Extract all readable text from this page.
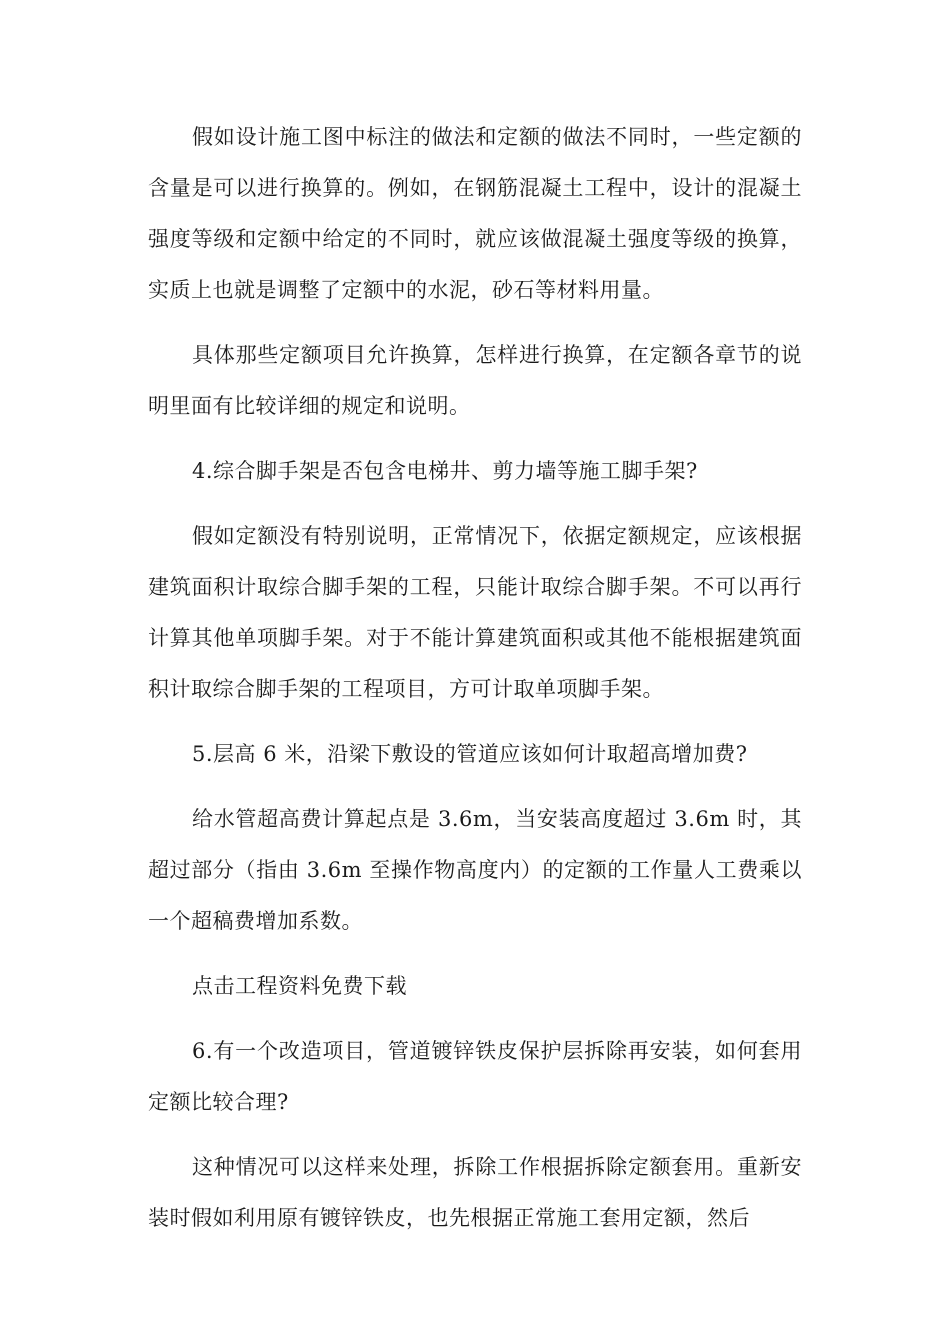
假如设计施工图中标注的做法和定额的做法不同时，一些定额的含量是可以进行换算的。例如，在钢筋混凝土工程中，设计的混凝土强度等级和定额中给定的不同时，就应该做混凝土强度等级的换算，实质上也就是调整了定额中的水泥，砂石等材料用量。

具体那些定额项目允许换算，怎样进行换算，在定额各章节的说明里面有比较详细的规定和说明。

4.综合脚手架是否包含电梯井、剪力墙等施工脚手架?

假如定额没有特别说明，正常情况下，依据定额规定，应该根据建筑面积计取综合脚手架的工程，只能计取综合脚手架。不可以再行计算其他单项脚手架。对于不能计算建筑面积或其他不能根据建筑面积计取综合脚手架的工程项目，方可计取单项脚手架。

5.层高 6 米，沿梁下敷设的管道应该如何计取超高增加费?

给水管超高费计算起点是 3.6m，当安装高度超过 3.6m 时，其超过部分（指由 3.6m 至操作物高度内）的定额的工作量人工费乘以一个超稿费增加系数。

点击工程资料免费下载

6.有一个改造项目，管道镀锌铁皮保护层拆除再安装，如何套用定额比较合理?

这种情况可以这样来处理，拆除工作根据拆除定额套用。重新安装时假如利用原有镀锌铁皮，也先根据正常施工套用定额，然后
